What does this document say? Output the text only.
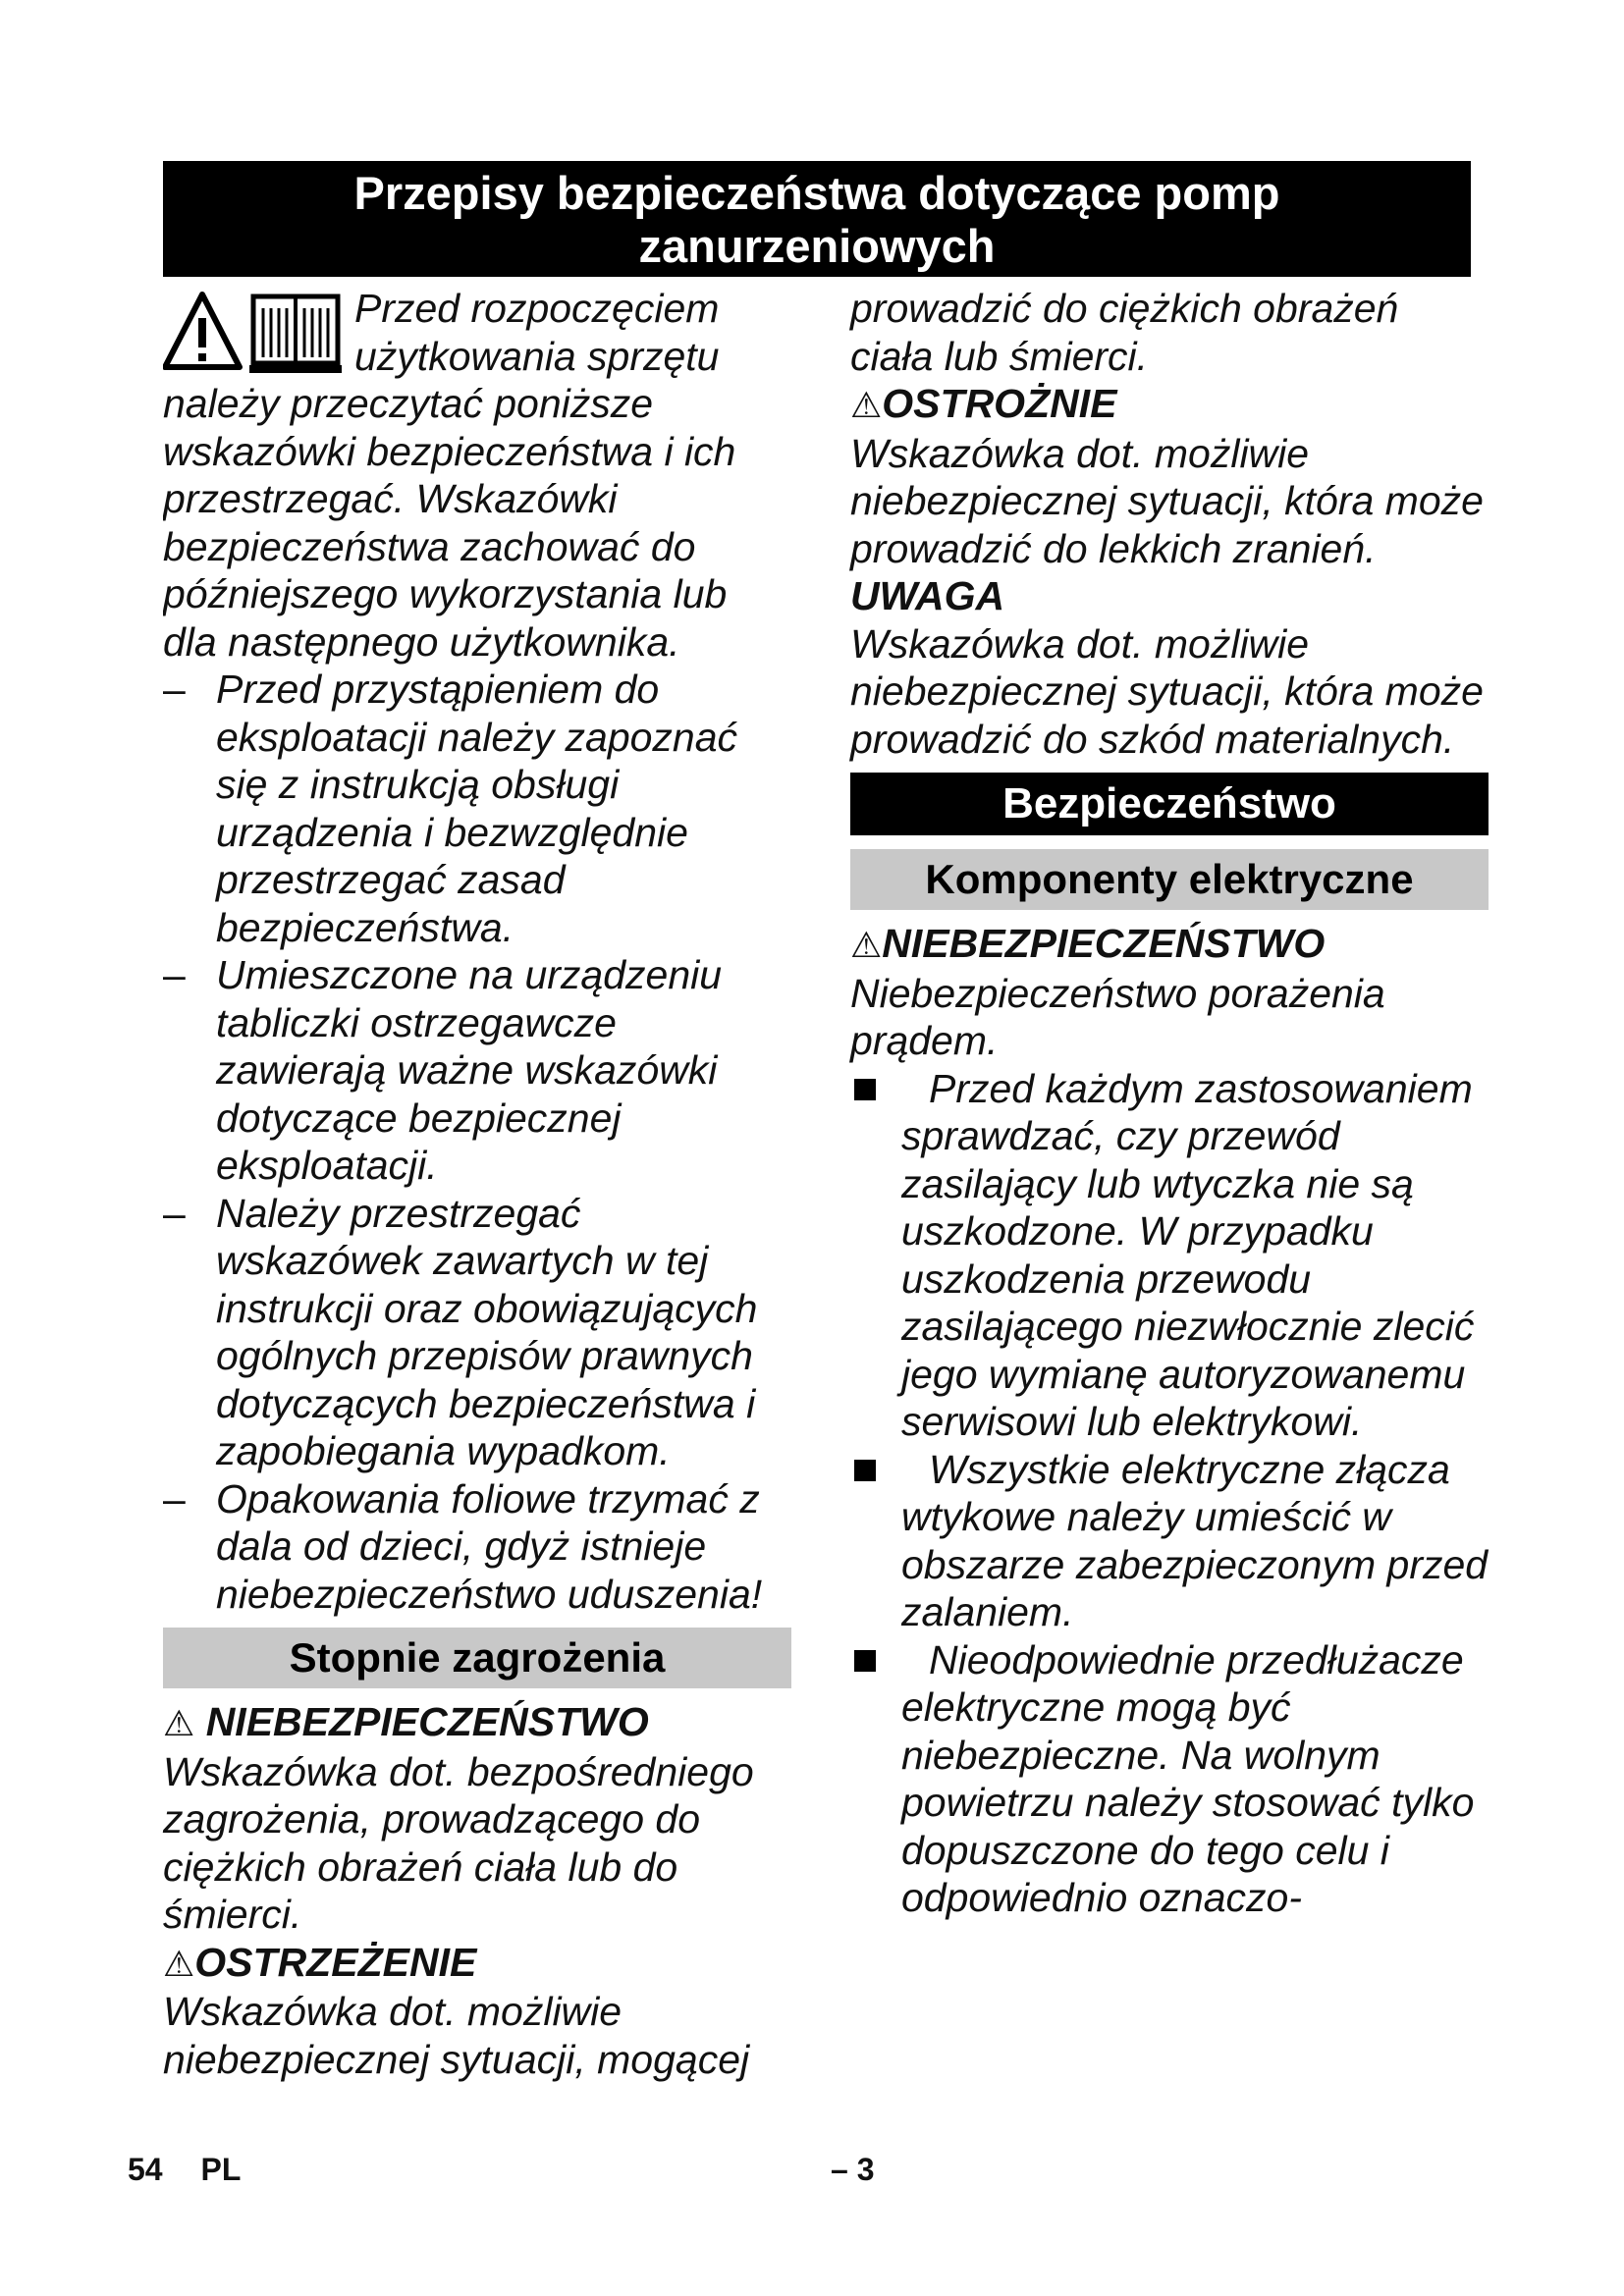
Przepisy bezpieczeństwa dotyczące pomp
zanurzeniowych

Przed rozpoczęciem użytkowania sprzętu należy przeczytać poniższe wskazówki bezpieczeństwa i ich przestrzegać. Wskazówki bezpieczeństwa zachować do późniejszego wykorzystania lub dla następnego użytkownika.

– Przed przystąpieniem do eksploatacji należy zapoznać się z instrukcją obsługi urządzenia i bezwzględnie przestrzegać zasad bezpieczeństwa.
– Umieszczone na urządzeniu tabliczki ostrzegawcze zawierają ważne wskazówki dotyczące bezpiecznej eksploatacji.
– Należy przestrzegać wskazówek zawartych w tej instrukcji oraz obowiązujących ogólnych przepisów prawnych dotyczących bezpieczeństwa i zapobiegania wypadkom.
– Opakowania foliowe trzymać z dala od dzieci, gdyż istnieje niebezpieczeństwo uduszenia!
Stopnie zagrożenia

⚠ NIEBEZPIECZEŃSTWO

Wskazówka dot. bezpośredniego zagrożenia, prowadzącego do ciężkich obrażeń ciała lub do śmierci.

⚠OSTRZEŻENIE

Wskazówka dot. możliwie niebezpiecznej sytuacji, mogącej

prowadzić do ciężkich obrażeń ciała lub śmierci.

⚠OSTROŻNIE

Wskazówka dot. możliwie niebezpiecznej sytuacji, która może prowadzić do lekkich zranień.

UWAGA

Wskazówka dot. możliwie niebezpiecznej sytuacji, która może prowadzić do szkód materialnych.

Bezpieczeństwo
Komponenty elektryczne

⚠NIEBEZPIECZEŃSTWO

Niebezpieczeństwo porażenia prądem.

Przed każdym zastosowaniem sprawdzać, czy przewód zasilający lub wtyczka nie są uszkodzone. W przypadku uszkodzenia przewodu zasilającego niezwłocznie zlecić jego wymianę autoryzowanemu serwisowi lub elektrykowi.
Wszystkie elektryczne złącza wtykowe należy umieścić w obszarze zabezpieczonym przed zalaniem.
Nieodpowiednie przedłużacze elektryczne mogą być niebezpieczne. Na wolnym powietrzu należy stosować tylko dopuszczone do tego celu i odpowiednio oznaczo-
54 PL	– 3
